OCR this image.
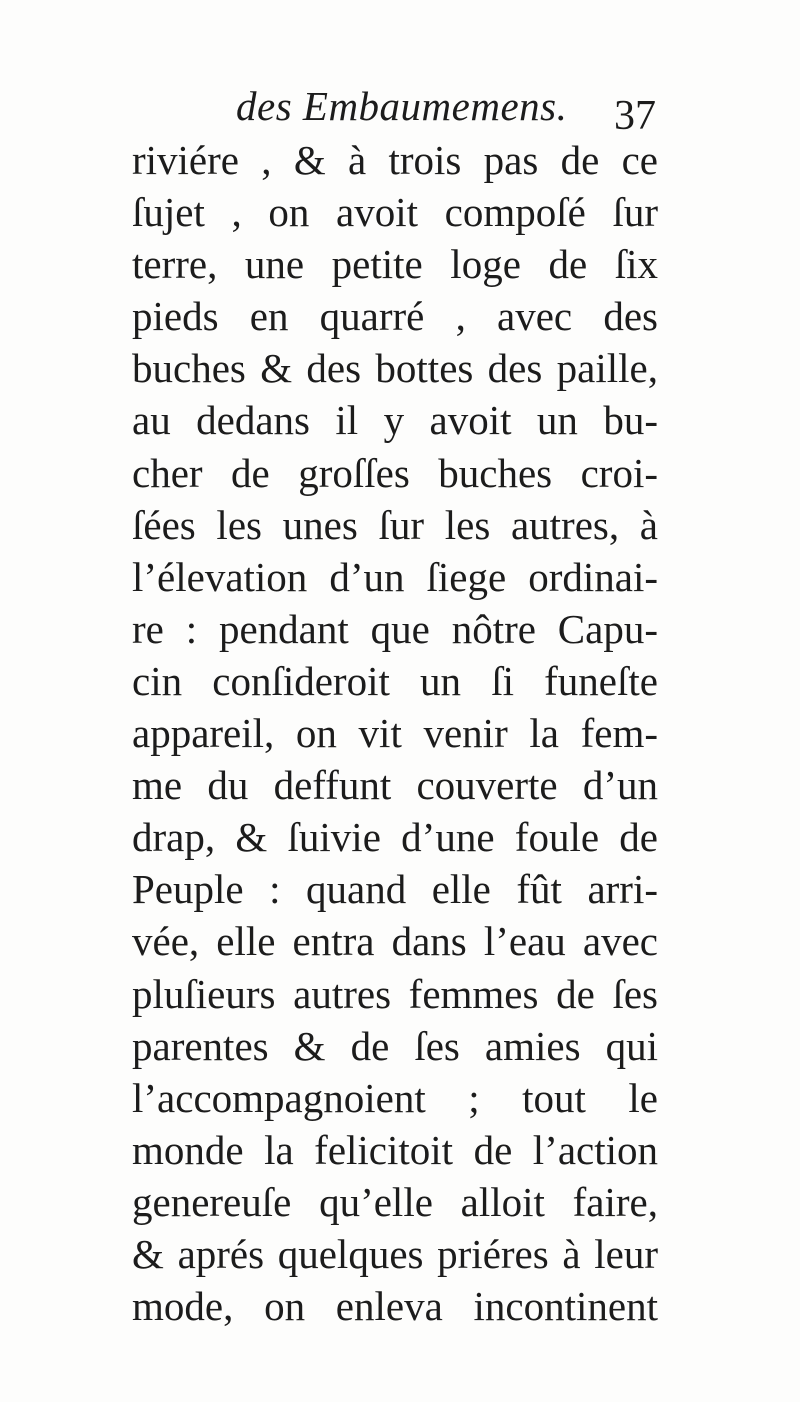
des Embaumemens. 37
riviére , & à trois pas de ce
ſujet , on avoit compoſé ſur
terre, une petite loge de ſix
pieds en quarré , avec des
buches & des bottes des paille,
au dedans il y avoit un bu-
cher de groſſes buches croi-
ſées les unes ſur les autres, à
l’élevation d’un ſiege ordinai-
re : pendant que nôtre Capu-
cin conſideroit un ſi funeſte
appareil, on vit venir la fem-
me du deffunt couverte d’un
drap, & ſuivie d’une foule de
Peuple : quand elle fût arri-
vée, elle entra dans l’eau avec
pluſieurs autres femmes de ſes
parentes & de ſes amies qui
l’accompagnoient ; tout le
monde la felicitoit de l’action
genereuſe qu’elle alloit faire,
& aprés quelques priéres à leur
mode, on enleva incontinent
